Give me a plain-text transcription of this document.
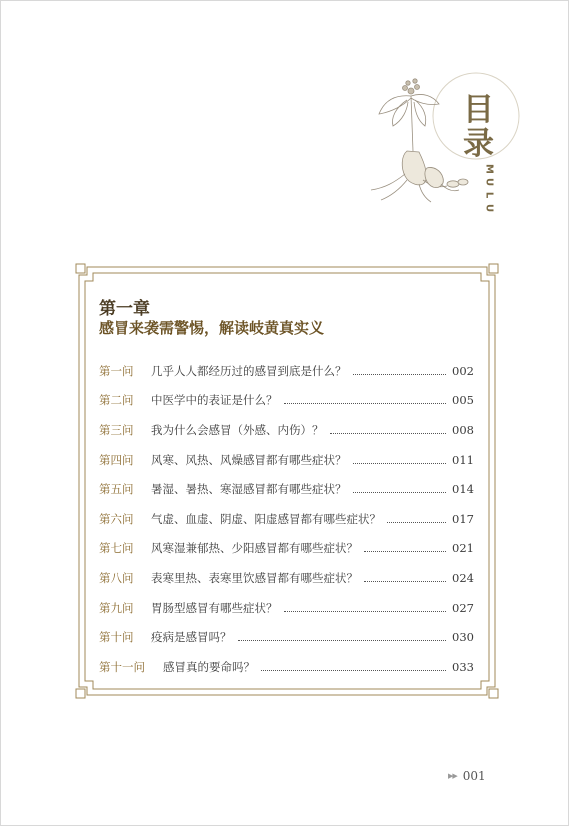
目
录
M
U
L
U
第一章
感冒来袭需警惕，解读岐黄真实义
第一问	几乎人人都经历过的感冒到底是什么？	002
第二问	中医学中的表证是什么？	005
第三问	我为什么会感冒（外感、内伤）？	008
第四问	风寒、风热、风燥感冒都有哪些症状？	011
第五问	暑湿、暑热、寒湿感冒都有哪些症状？	014
第六问	气虚、血虚、阴虚、阳虚感冒都有哪些症状？	017
第七问	风寒湿兼郁热、少阳感冒都有哪些症状？	021
第八问	表寒里热、表寒里饮感冒都有哪些症状？	024
第九问	胃肠型感冒有哪些症状？	027
第十问	疫病是感冒吗？	030
第十一问	感冒真的要命吗？	033
▶▶ 001
